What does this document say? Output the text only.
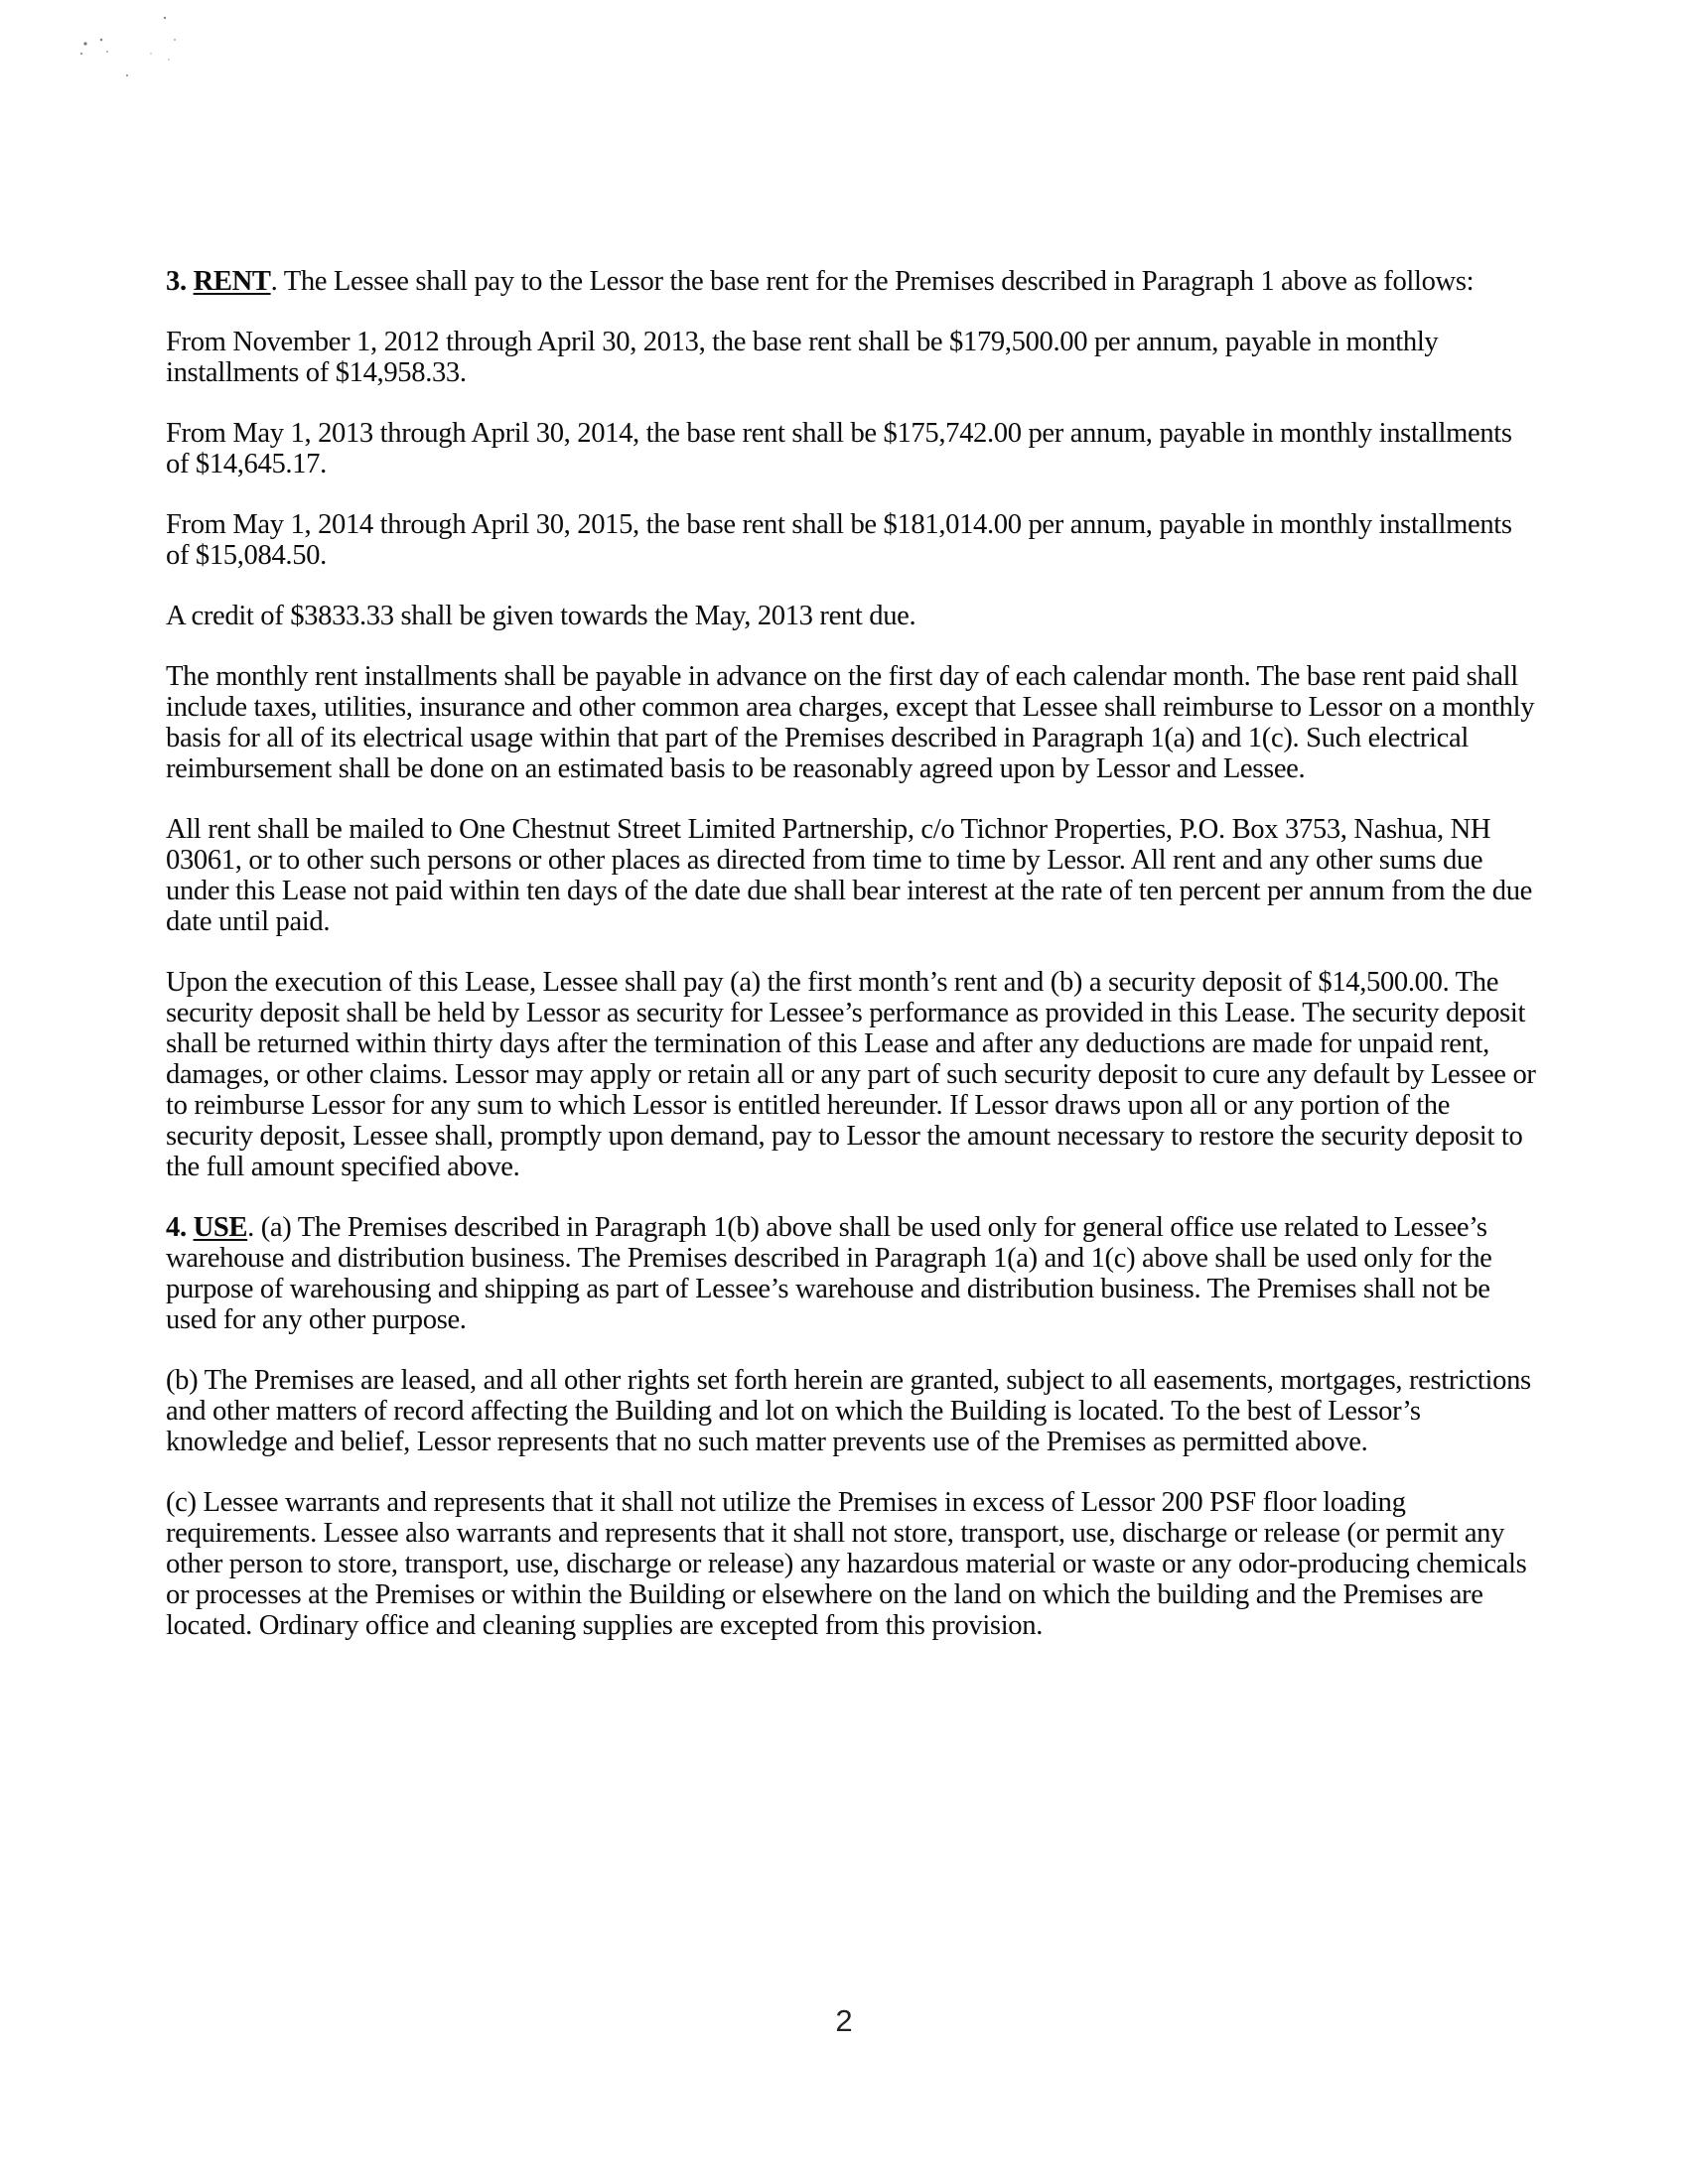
3. RENT. The Lessee shall pay to the Lessor the base rent for the Premises described in Paragraph 1 above as follows:

From November 1, 2012 through April 30, 2013, the base rent shall be $179,500.00 per annum, payable in monthly installments of $14,958.33.

From May 1, 2013 through April 30, 2014, the base rent shall be $175,742.00 per annum, payable in monthly installments of $14,645.17.

From May 1, 2014 through April 30, 2015, the base rent shall be $181,014.00 per annum, payable in monthly installments of $15,084.50.

A credit of $3833.33 shall be given towards the May, 2013 rent due.

The monthly rent installments shall be payable in advance on the first day of each calendar month. The base rent paid shall include taxes, utilities, insurance and other common area charges, except that Lessee shall reimburse to Lessor on a monthly basis for all of its electrical usage within that part of the Premises described in Paragraph 1(a) and 1(c). Such electrical reimbursement shall be done on an estimated basis to be reasonably agreed upon by Lessor and Lessee.

All rent shall be mailed to One Chestnut Street Limited Partnership, c/o Tichnor Properties, P.O. Box 3753, Nashua, NH 03061, or to other such persons or other places as directed from time to time by Lessor. All rent and any other sums due under this Lease not paid within ten days of the date due shall bear interest at the rate of ten percent per annum from the due date until paid.

Upon the execution of this Lease, Lessee shall pay (a) the first month’s rent and (b) a security deposit of $14,500.00. The security deposit shall be held by Lessor as security for Lessee’s performance as provided in this Lease. The security deposit shall be returned within thirty days after the termination of this Lease and after any deductions are made for unpaid rent, damages, or other claims. Lessor may apply or retain all or any part of such security deposit to cure any default by Lessee or to reimburse Lessor for any sum to which Lessor is entitled hereunder. If Lessor draws upon all or any portion of the security deposit, Lessee shall, promptly upon demand, pay to Lessor the amount necessary to restore the security deposit to the full amount specified above.

4. USE. (a) The Premises described in Paragraph 1(b) above shall be used only for general office use related to Lessee’s warehouse and distribution business. The Premises described in Paragraph 1(a) and 1(c) above shall be used only for the purpose of warehousing and shipping as part of Lessee’s warehouse and distribution business. The Premises shall not be used for any other purpose.

(b) The Premises are leased, and all other rights set forth herein are granted, subject to all easements, mortgages, restrictions and other matters of record affecting the Building and lot on which the Building is located. To the best of Lessor’s knowledge and belief, Lessor represents that no such matter prevents use of the Premises as permitted above.

(c) Lessee warrants and represents that it shall not utilize the Premises in excess of Lessor 200 PSF floor loading requirements. Lessee also warrants and represents that it shall not store, transport, use, discharge or release (or permit any other person to store, transport, use, discharge or release) any hazardous material or waste or any odor-producing chemicals or processes at the Premises or within the Building or elsewhere on the land on which the building and the Premises are located. Ordinary office and cleaning supplies are excepted from this provision.

2
